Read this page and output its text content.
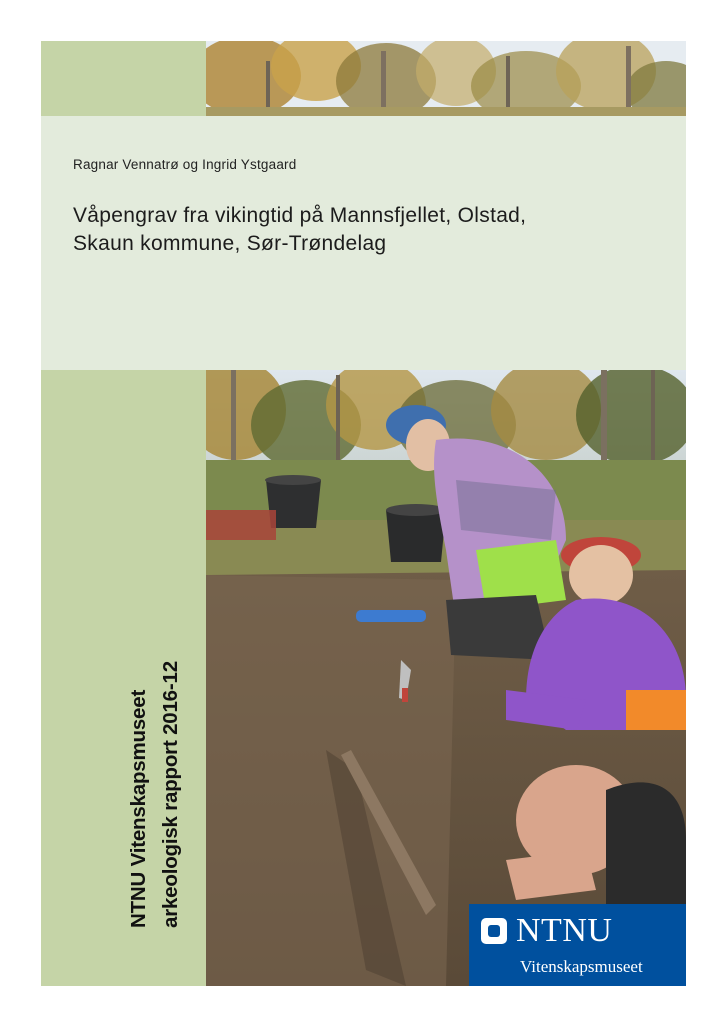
Ragnar Vennatrø og Ingrid Ystgaard
Våpengrav fra vikingtid på Mannsfjellet, Olstad,
Skaun kommune, Sør-Trøndelag
NTNU Vitenskapsmuseet arkeologisk rapport 2016-12
NTNU
Vitenskapsmuseet
